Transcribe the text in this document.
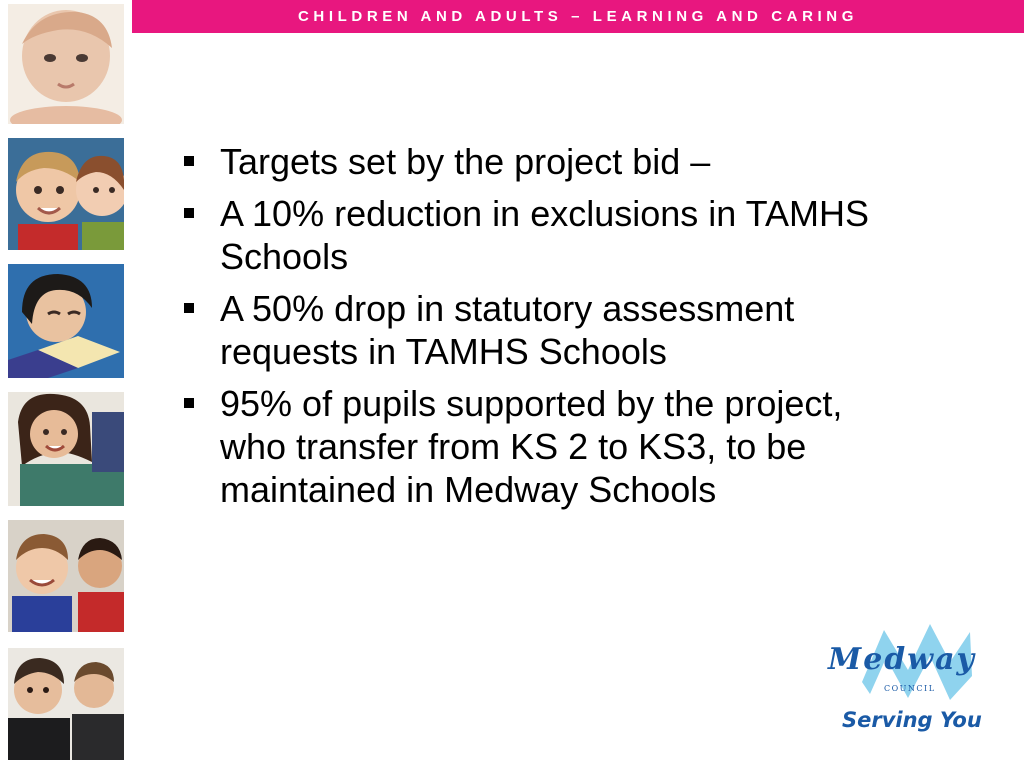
CHILDREN AND ADULTS – LEARNING AND CARING
Targets set by the project bid –
A 10% reduction in exclusions in TAMHS Schools
A 50% drop in statutory assessment requests in TAMHS Schools
95% of pupils supported by the project, who transfer from KS 2 to KS3, to be maintained in Medway Schools
Medway
COUNCIL
Serving You
